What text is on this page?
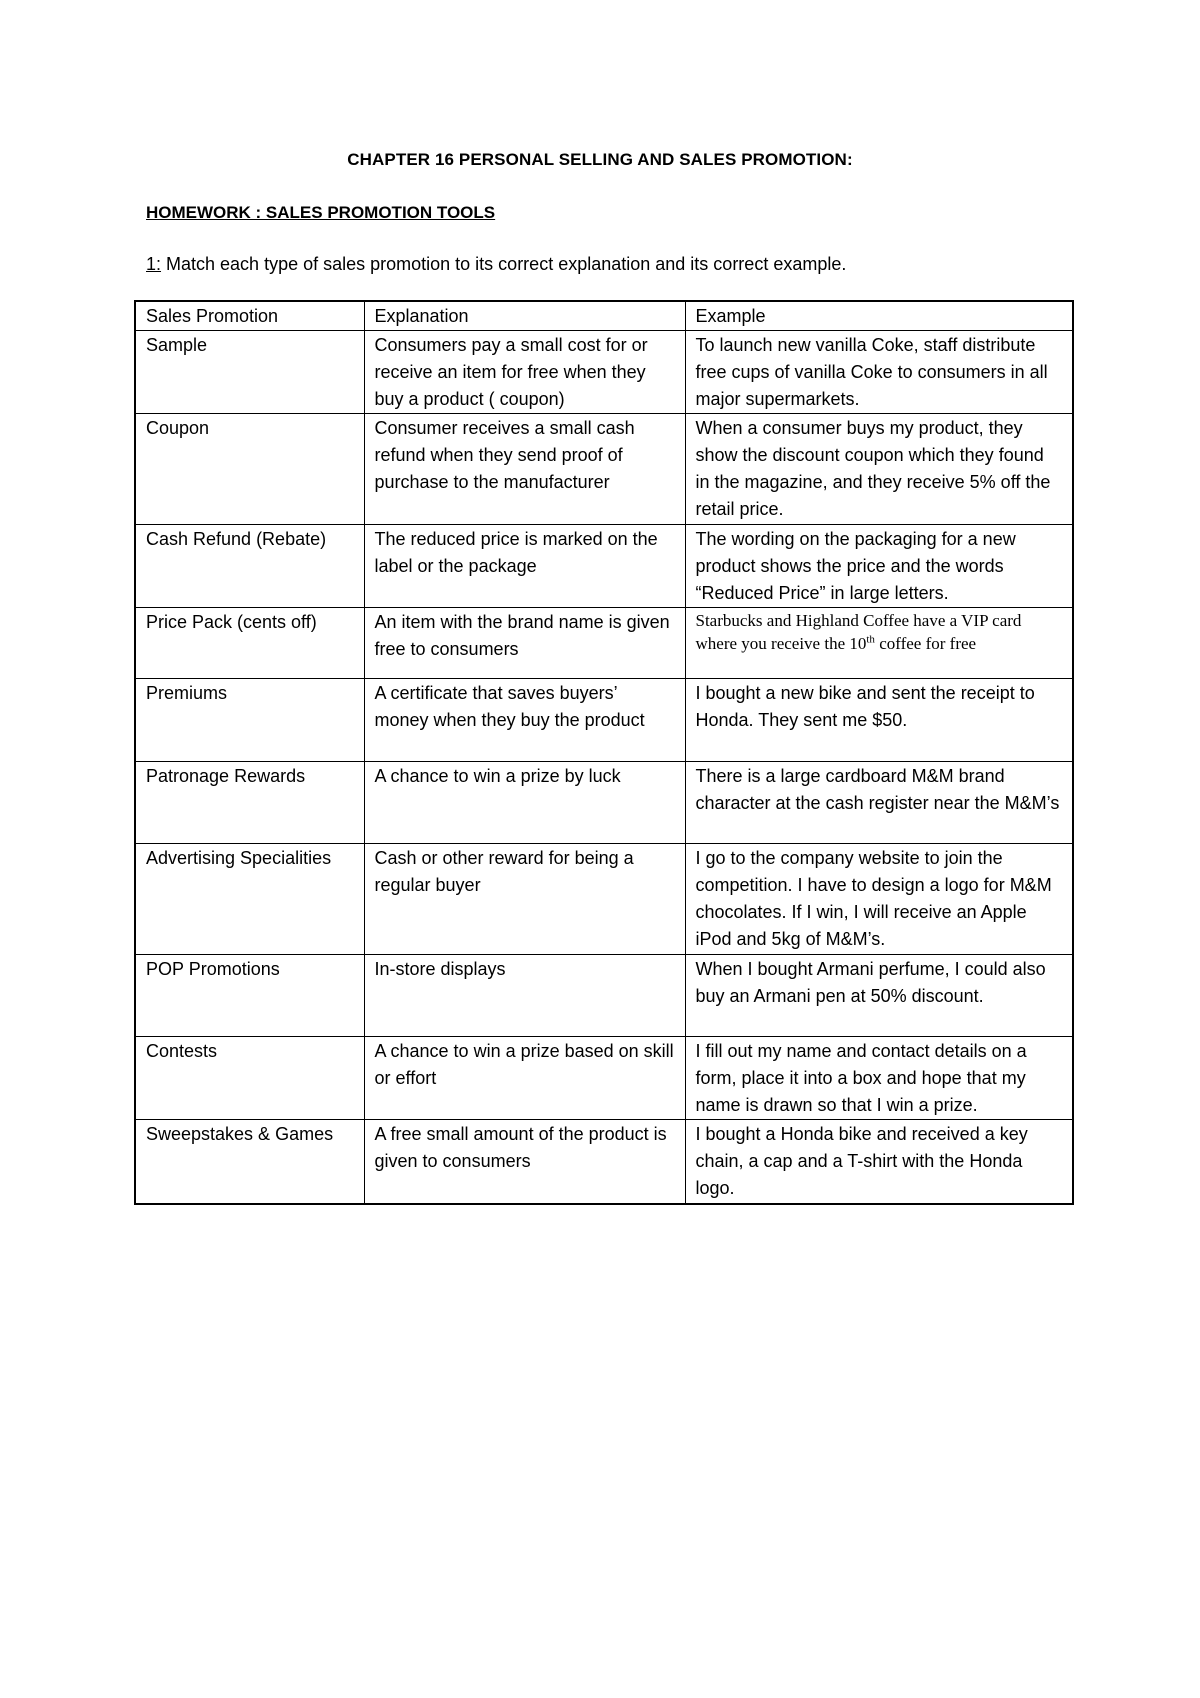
CHAPTER 16 PERSONAL SELLING AND SALES PROMOTION:
HOMEWORK : SALES PROMOTION TOOLS
1: Match each type of sales promotion to its correct explanation and its correct example.
Sales Promotion	Explanation	Example
Sample	Consumers pay a small cost for or receive an item for free when they buy a product ( coupon)	To launch new vanilla Coke, staff distribute free cups of vanilla Coke to consumers in all major supermarkets.
Coupon	Consumer receives a small cash refund when they send proof of purchase to the manufacturer	When a consumer buys my product, they show the discount coupon which they found in the magazine, and they receive 5% off the retail price.
Cash Refund (Rebate)	The reduced price is marked on the label or the package	The wording on the packaging for a new product shows the price and the words “Reduced Price” in large letters.
Price Pack (cents off)	An item with the brand name is given free to consumers	Starbucks and Highland Coffee have a VIP card where you receive the 10th coffee for free
Premiums	A certificate that saves buyers’ money when they buy the product	I bought a new bike and sent the receipt to Honda. They sent me $50.
Patronage Rewards	A chance to win a prize by luck	There is a large cardboard M&M brand character at the cash register near the M&M’s
Advertising Specialities	Cash or other reward for being a regular buyer	I go to the company website to join the competition. I have to design a logo for M&M chocolates. If I win, I will receive an Apple iPod and 5kg of M&M’s.
POP Promotions	In-store displays	When I bought Armani perfume, I could also buy an Armani pen at 50% discount.
Contests	A chance to win a prize based on skill or effort	I fill out my name and contact details on a form, place it into a box and hope that my name is drawn so that I win a prize.
Sweepstakes & Games	A free small amount of the product is given to consumers	I bought a Honda bike and received a key chain, a cap and a T-shirt with the Honda logo.
